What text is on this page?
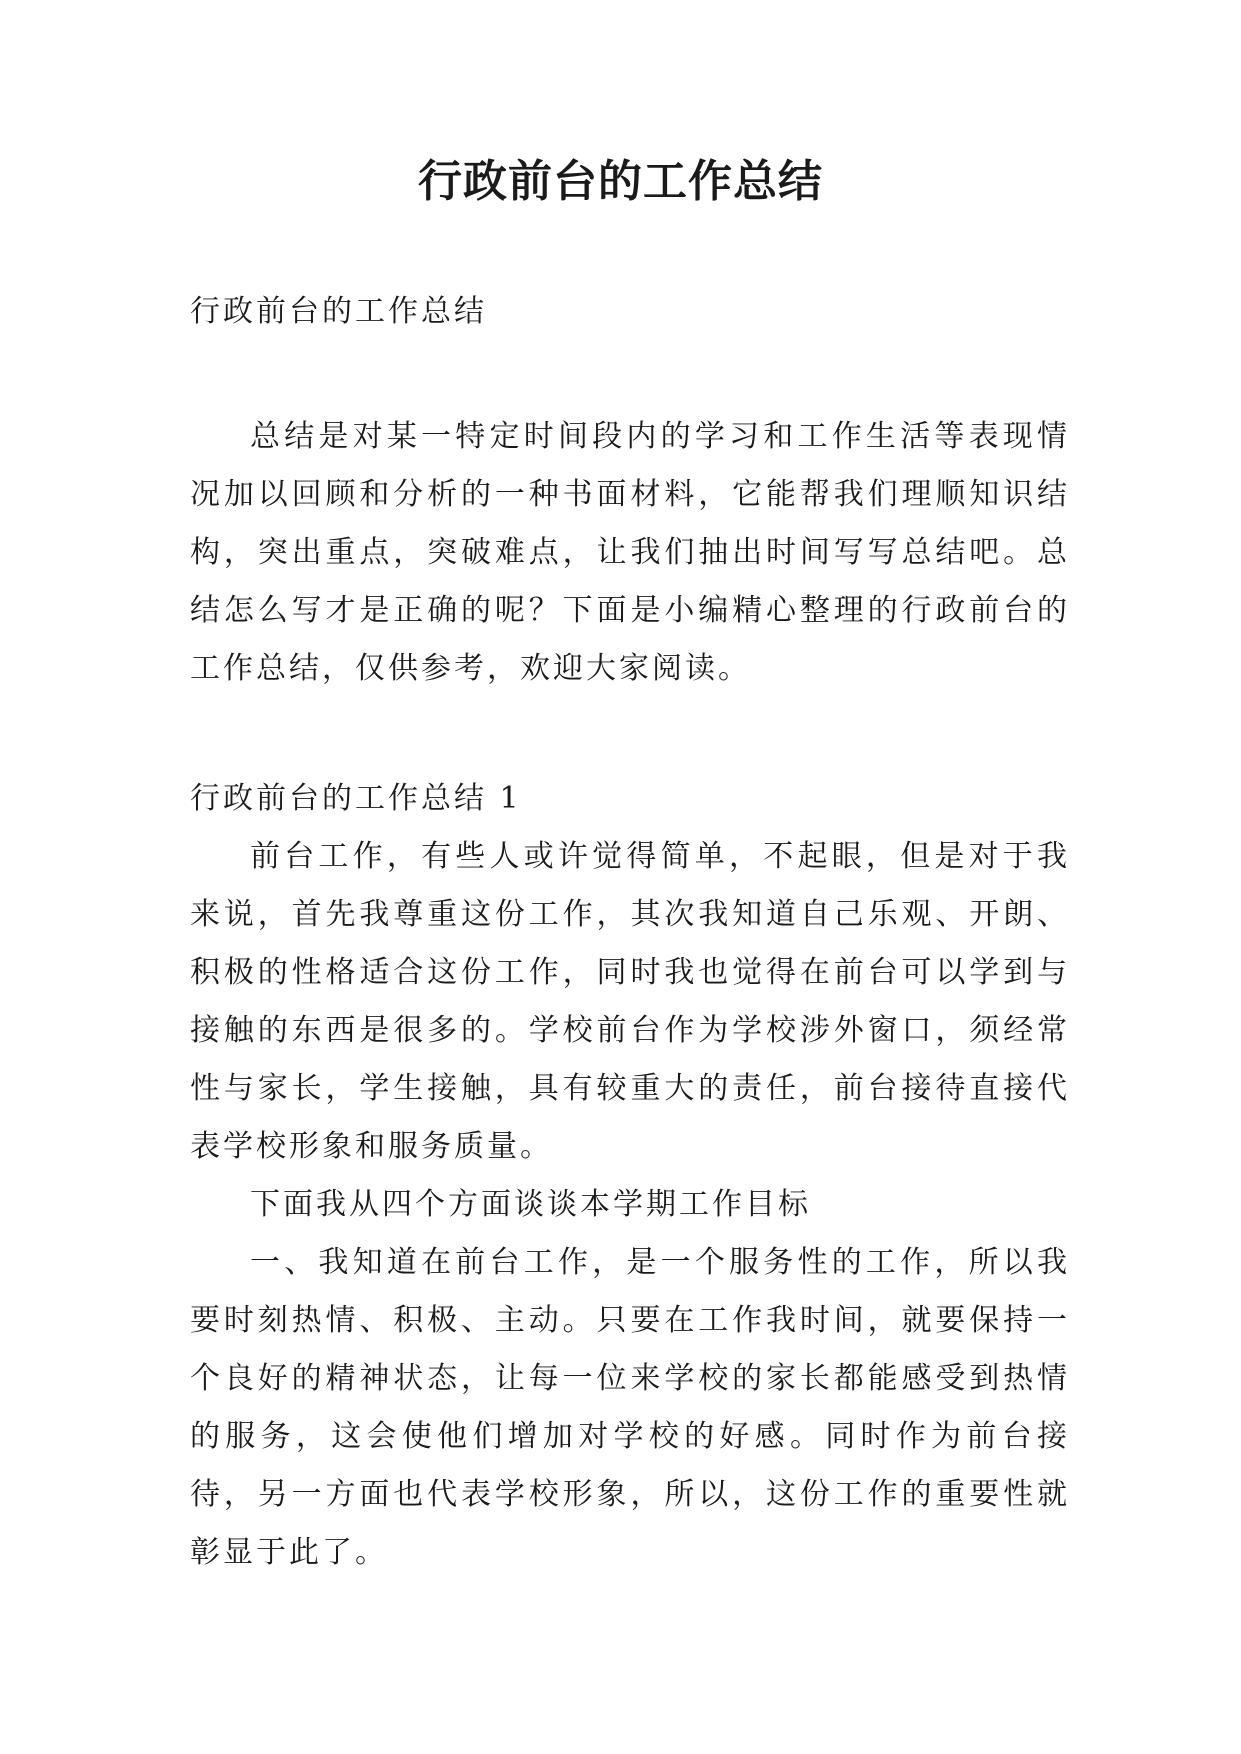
行政前台的工作总结

行政前台的工作总结

总结是对某一特定时间段内的学习和工作生活等表现情况加以回顾和分析的一种书面材料，它能帮我们理顺知识结构，突出重点，突破难点，让我们抽出时间写写总结吧。总结怎么写才是正确的呢？下面是小编精心整理的行政前台的工作总结，仅供参考，欢迎大家阅读。

行政前台的工作总结 1

前台工作，有些人或许觉得简单，不起眼，但是对于我来说，首先我尊重这份工作，其次我知道自己乐观、开朗、积极的性格适合这份工作，同时我也觉得在前台可以学到与接触的东西是很多的。学校前台作为学校涉外窗口，须经常性与家长，学生接触，具有较重大的责任，前台接待直接代表学校形象和服务质量。

下面我从四个方面谈谈本学期工作目标

一、我知道在前台工作，是一个服务性的工作，所以我要时刻热情、积极、主动。只要在工作我时间，就要保持一个良好的精神状态，让每一位来学校的家长都能感受到热情的服务，这会使他们增加对学校的好感。同时作为前台接待，另一方面也代表学校形象，所以，这份工作的重要性就彰显于此了。
